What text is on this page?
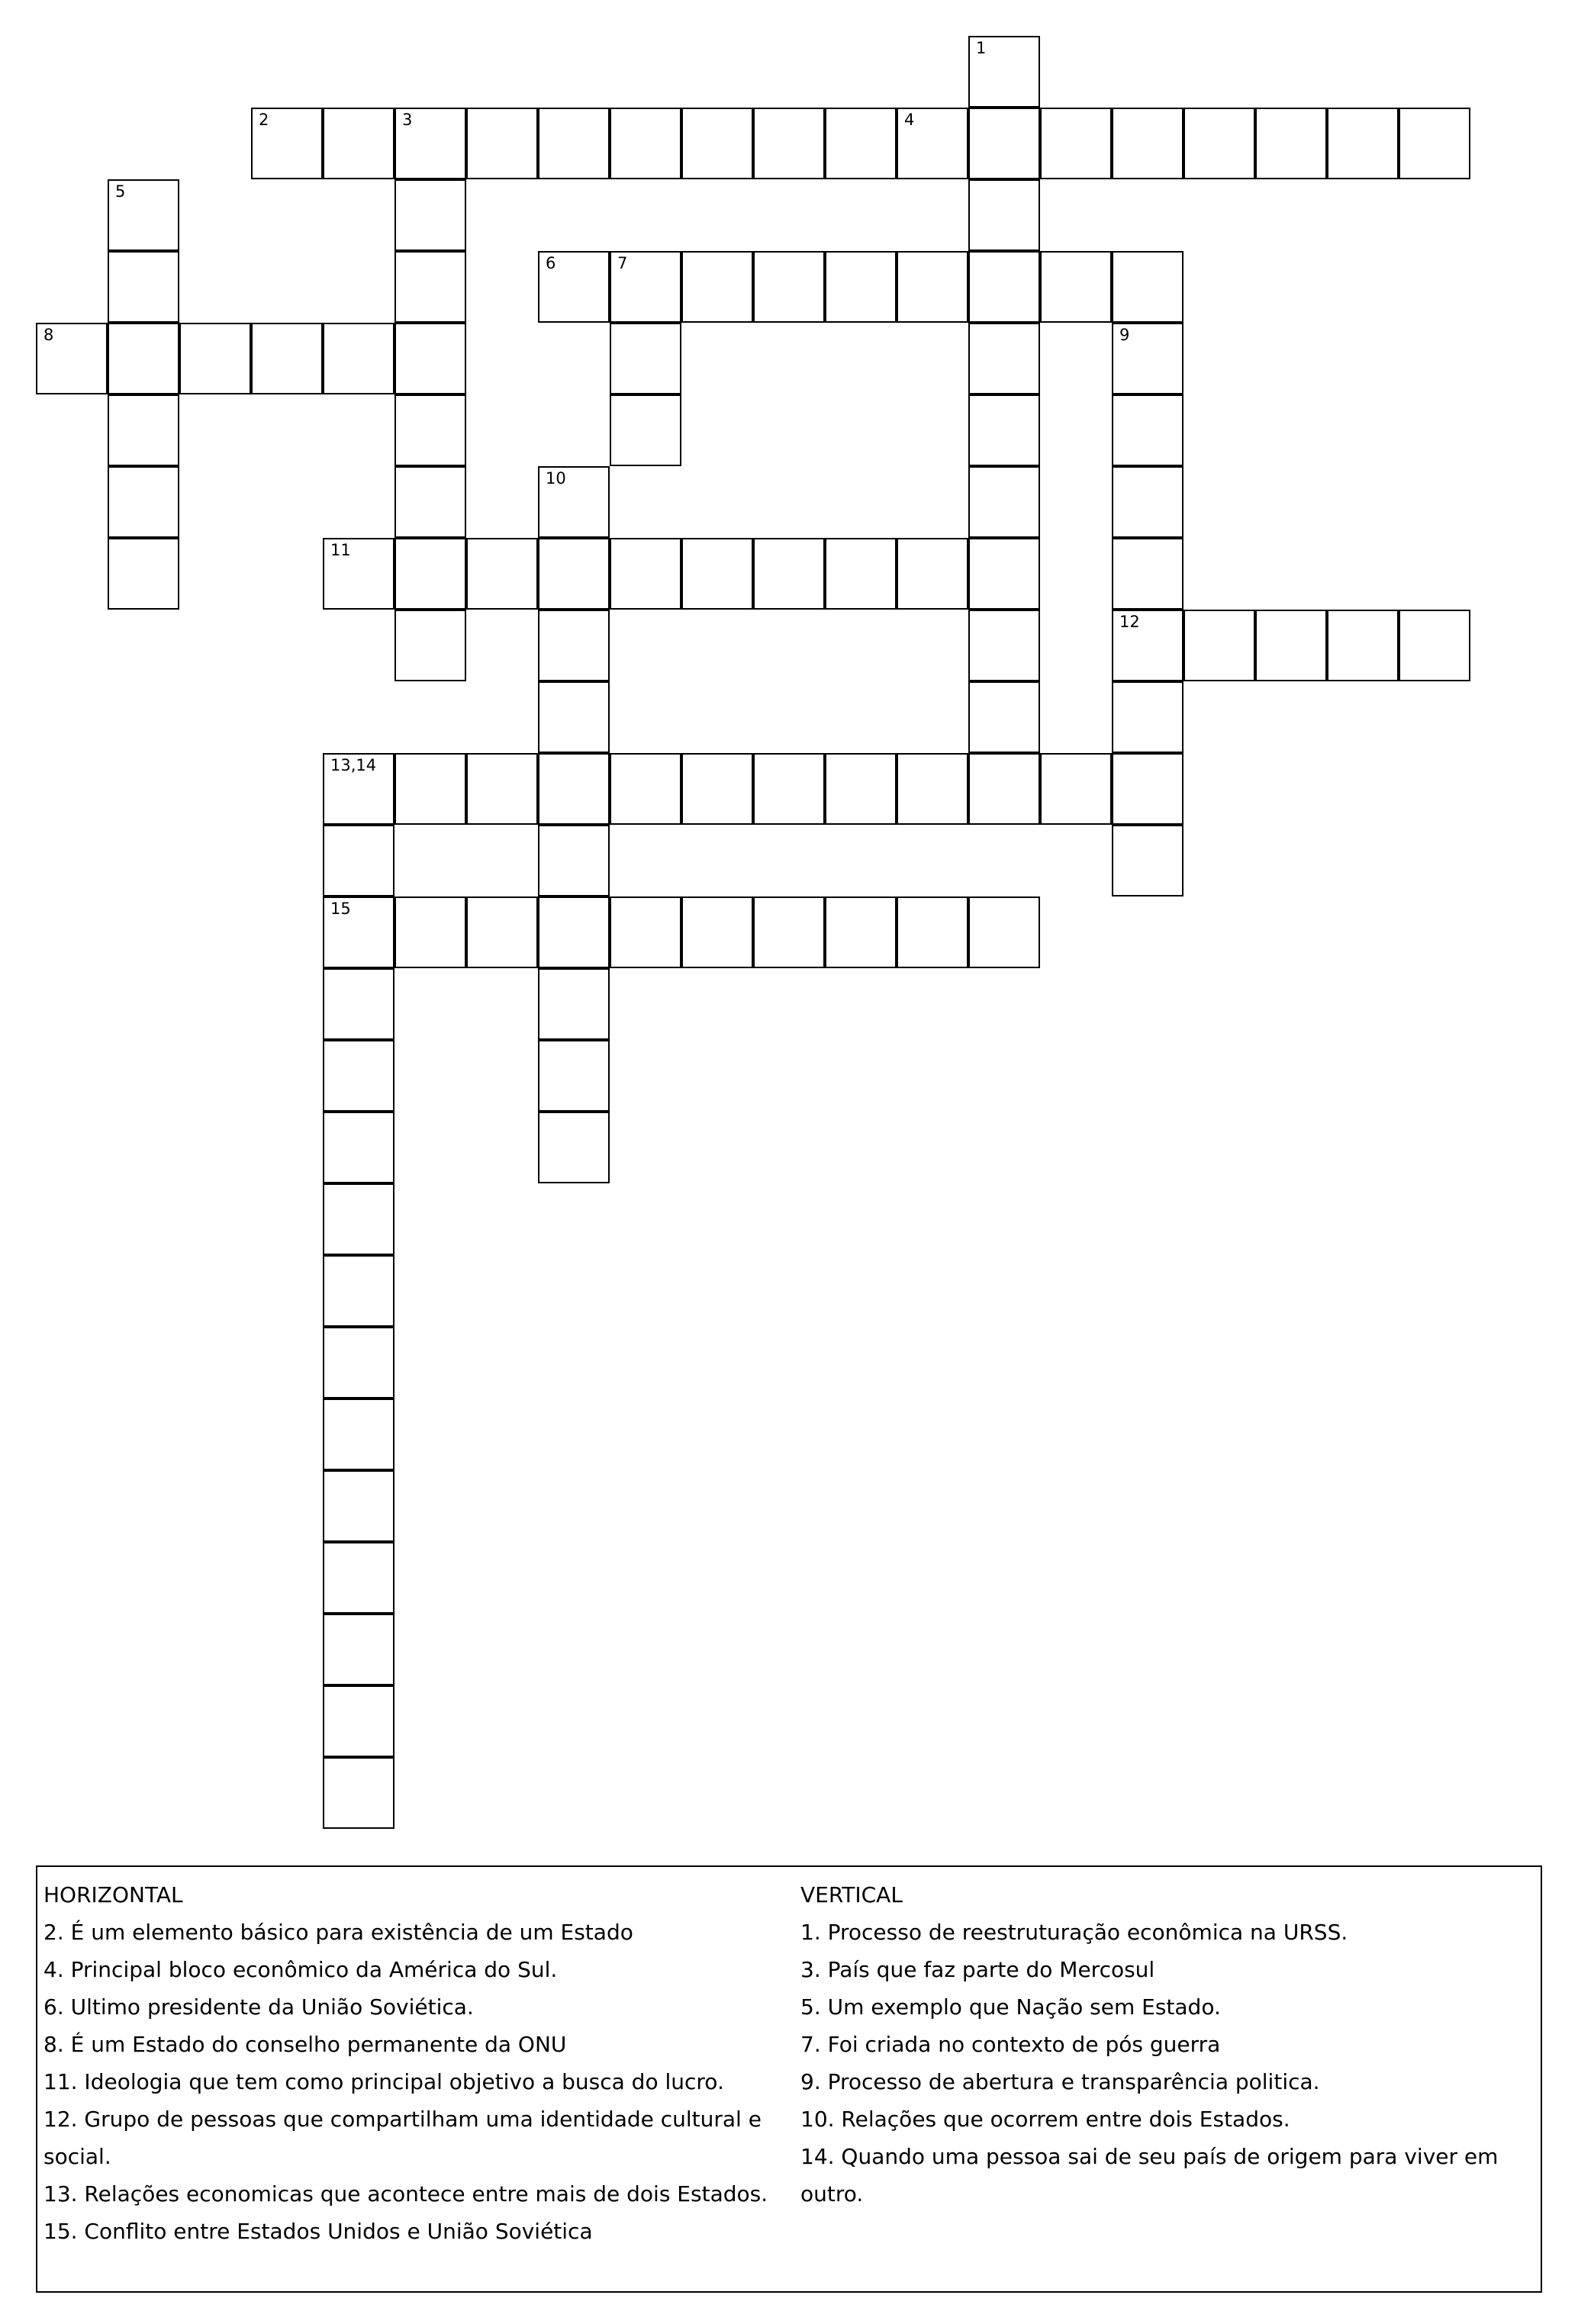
1
2	3	4
5
6	7
8	9
10
11
12
13,14
15
HORIZONTAL
2. É um elemento básico para existência de um Estado
4. Principal bloco econômico da América do Sul.
6. Ultimo presidente da União Soviética.
8. É um Estado do conselho permanente da ONU
11. Ideologia que tem como principal objetivo a busca do lucro.
12. Grupo de pessoas que compartilham uma identidade cultural e
social.
13. Relações economicas que acontece entre mais de dois Estados.
15. Conflito entre Estados Unidos e União Soviética
VERTICAL
1. Processo de reestruturação econômica na URSS.
3. País que faz parte do Mercosul
5. Um exemplo que Nação sem Estado.
7. Foi criada no contexto de pós guerra
9. Processo de abertura e transparência politica.
10. Relações que ocorrem entre dois Estados.
14. Quando uma pessoa sai de seu país de origem para viver em outro.
